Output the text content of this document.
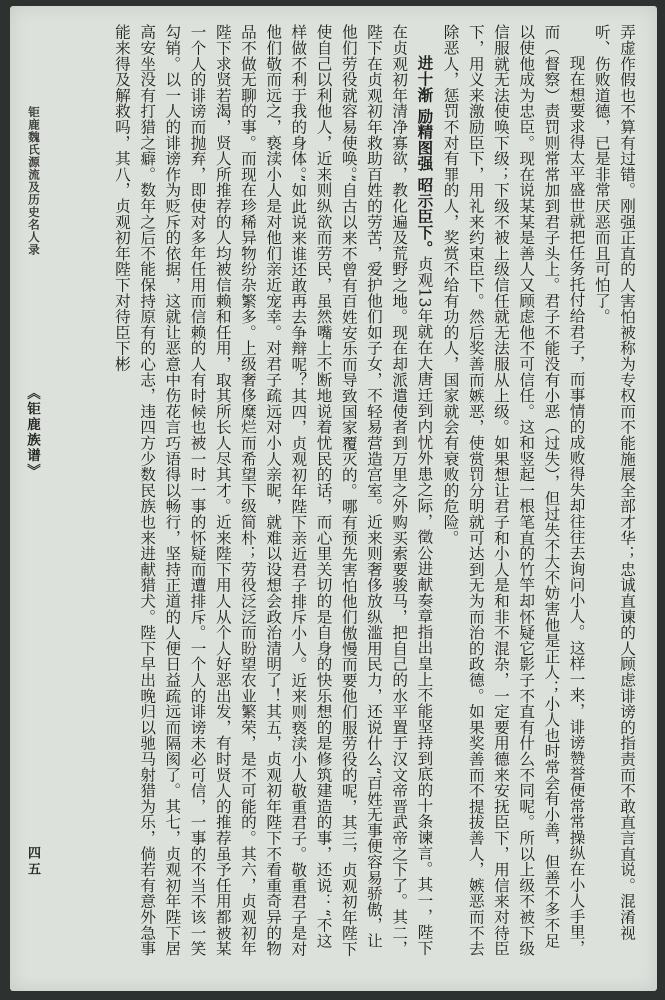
弄虚作假也不算有过错。刚强正直的人害怕被称为专权而不能施展全部才华；忠诚直谏的人顾虑诽谤的指责而不敢直言直说。混淆视听、伤败道德，已是非常厌恶而且可怕了。

现在想要求得太平盛世就把任务托付给君子，而事情的成败得失却往往去询问小人。这样一来，诽谤赞誉便常常操纵在小人手里，而（督察）责罚则常常加到君子头上。君子不能没有小恶（过失），但过失不大不妨害他是正人；小人也时常会有小善，但善不多不足以使他成为忠臣。现在说某某是善人又顾虑他不可信任。这和竖起一根笔直的竹竿却怀疑它影子不直有什么不同呢。所以上级不被下级信服就无法使唤下级；下级不被上级信任就无法服从上级。如果想让君子和小人是和非不混杂，一定要用德来安抚臣下，用信来对待臣下，用义来激励臣下，用礼来约束臣下。然后奖善而嫉恶，使赏罚分明就可达到无为而治的政德。如果奖善而不提拔善人，嫉恶而不去除恶人，惩罚不对有罪的人，奖赏不给有功的人，国家就会有衰败的危险。

进十渐 励精图强 昭示臣下。贞观13年就在大唐迁到内忧外患之际，徵公进献奏章指出皇上不能坚持到底的十条谏言。其一，陛下在贞观初年清净寡欲，教化遍及荒野之地。现在却派遣使者到万里之外购买索要骏马，把自己的水平置于汉文帝晋武帝之下了。其二，陛下在贞观初年救助百姓的劳苦，爱护他们如子女，不轻易营造宫室。近来则奢侈放纵滥用民力，还说什么“百姓无事便容易骄傲，让他们劳役就容易使唤。”自古以来不曾有百姓安乐而导致国家覆灭的。哪有预先害怕他们傲慢而要他们服劳役的呢，其三，贞观初年陛下使自己以利他人，近来则纵欲而劳民，虽然嘴上不断地说着忧民的话，而心里关切的是自身的快乐想的是修筑建造的事，还说：“不这样做不利于我的身体。”如此说来谁还敢再去争辩呢？其四，贞观初年陛下亲近君子排斥小人。近来则亵渎小人敬重君子。敬重君子是对他们敬而远之，亵渎小人是对他们亲近宠幸。对君子疏远对小人亲昵，就难以设想会政治清明了！其五，贞观初年陛下不看重奇异的物品不做无聊的事。而现在珍稀异物纷杂繁多。上级奢侈糜烂而希望下级简朴；劳役泛泛而盼望农业繁荣，是不可能的。其六，贞观初年陛下求贤若渴，贤人所推荐的人均被信赖和任用，取其所长人尽其才。近来陛下用人从个人好恶出发，有时贤人的推荐虽予任用都被某一个人的诽谤而抛弃，即使对多年任用而信赖的人有时候也被一时一事的怀疑而遭排斥。一个人的诽谤未必可信，一事的不当不该一笑勾销。以一人的诽谤作为贬斥的依据，这就让恶意中伤花言巧语得以畅行，坚持正道的人便日益疏远而隔阂了。其七，贞观初年陛下居高安坐没有打猎之癖。数年之后不能保持原有的心志，违四方少数民族也来进献猎犬。陛下早出晚归以驰马射猎为乐，倘若有意外急事能来得及解救吗，其八，贞观初年陛下对待臣下彬

钜鹿魏氏源流及历史名人录
《钜鹿族谱》
四五
